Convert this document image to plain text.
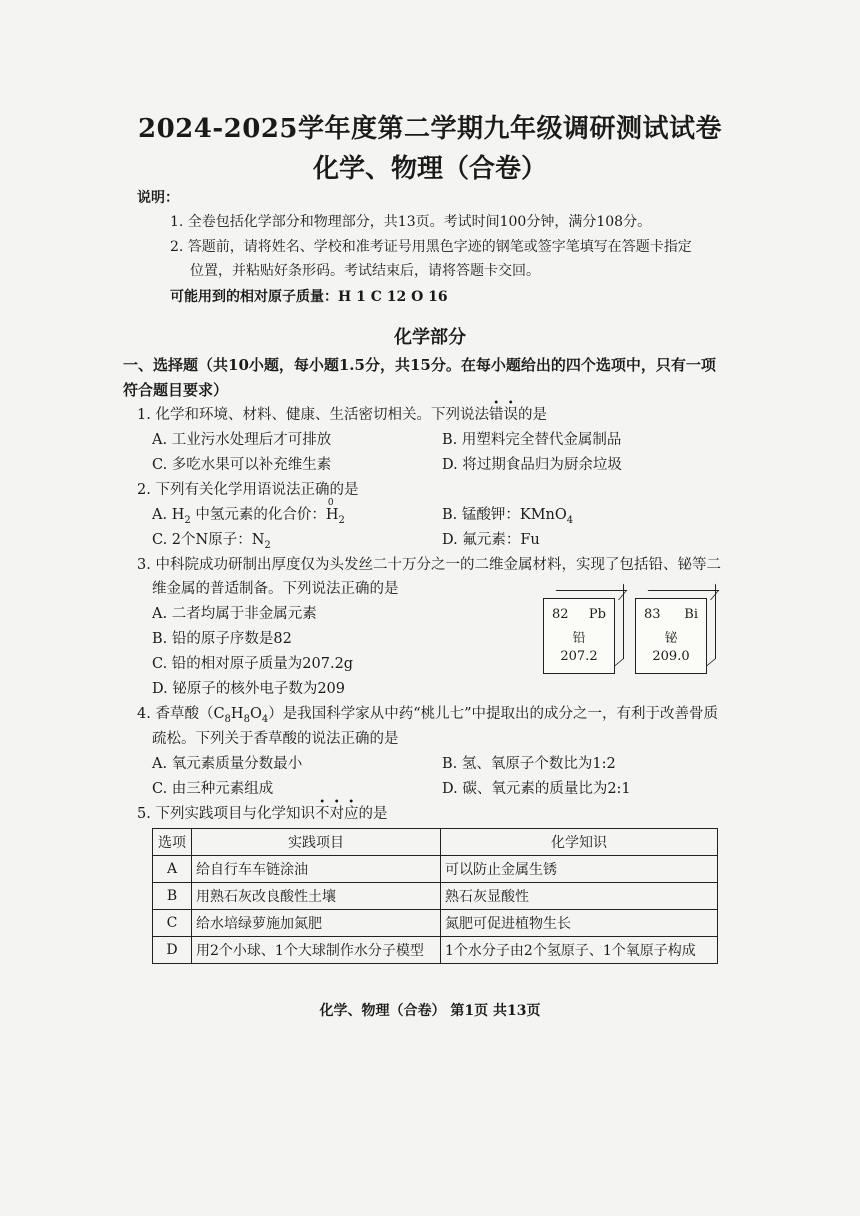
2024-2025学年度第二学期九年级调研测试试卷
化学、物理（合卷）
说明：
1. 全卷包括化学部分和物理部分，共13页。考试时间100分钟，满分108分。
2. 答题前，请将姓名、学校和准考证号用黑色字迹的钢笔或签字笔填写在答题卡指定
位置，并粘贴好条形码。考试结束后，请将答题卡交回。
可能用到的相对原子质量：H 1 C 12 O 16
化学部分
一、选择题（共10小题，每小题1.5分，共15分。在每小题给出的四个选项中，只有一项符合题目要求）
1. 化学和环境、材料、健康、生活密切相关。下列说法错误的是
A. 工业污水处理后才可排放	B. 用塑料完全替代金属制品
C. 多吃水果可以补充维生素	D. 将过期食品归为厨余垃圾
2. 下列有关化学用语说法正确的是
A. $H_2$ 中氢元素的化合价：
0
$H_2$	B. 锰酸钾：KMnO$_4$
C. 2个N原子：$N_2$	D. 氟元素：Fu
3. 中科院成功研制出厚度仅为头发丝二十万分之一的二维金属材料，实现了包括铅、铋等二
维金属的普适制备。下列说法正确的是
A. 二者均属于非金属元素
B. 铅的原子序数是82
C. 铅的相对原子质量为207.2g
D. 铋原子的核外电子数为209
82 Pb
铅
207.2
83 Bi
铋
209.0
4. 香草酸$(C_8H_8O_4)$是我国科学家从中药“桃儿七”中提取出的成分之一，有利于改善骨质
疏松。下列关于香草酸的说法正确的是
A. 氧元素质量分数最小	B. 氢、氧原子个数比为1:2
C. 由三种元素组成	D. 碳、氧元素的质量比为2:1
5. 下列实践项目与化学知识不对应的是
选项	实践项目	化学知识
A	给自行车车链涂油	可以防止金属生锈
B	用熟石灰改良酸性土壤	熟石灰显酸性
C	给水培绿萝施加氮肥	氮肥可促进植物生长
D	用2个小球、1个大球制作水分子模型	1个水分子由2个氢原子、1个氧原子构成
化学、物理（合卷） 第1页 共13页
